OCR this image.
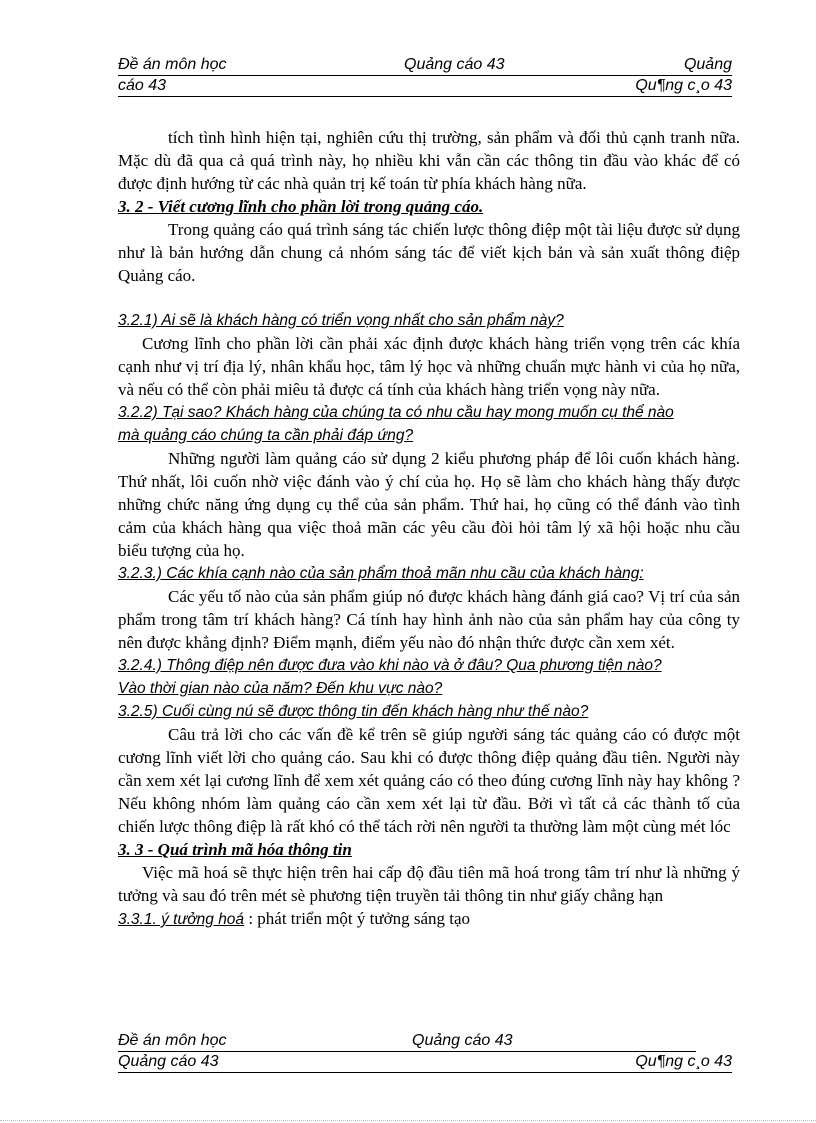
Đề án môn học	Quảng cáo 43	Quảng
cáo 43	Qu¶ng c¸o 43

tích tình hình hiện tại, nghiên cứu thị trường, sản phẩm và đối thủ cạnh tranh nữa. Mặc dù đã qua cả quá trình này, họ nhiều khi vẫn cần các thông tin đầu vào khác để có được định hướng từ các nhà quản trị kế toán từ phía khách hàng nữa.

3. 2 - Viết cương lĩnh cho phần lời trong quảng cáo.

Trong quảng cáo quá trình sáng tác chiến lược thông điệp một tài liệu được sử dụng như là bản hướng dẫn chung cả nhóm sáng tác để viết kịch bản và sản xuất thông điệp Quảng cáo.

3.2.1) Ai sẽ là khách hàng có triển vọng nhất cho sản phẩm này?

Cương lĩnh cho phần lời cần phải xác định được khách hàng triển vọng trên các khía cạnh như vị trí địa lý, nhân khẩu học, tâm lý học và những chuẩn mực hành vi của họ nữa, và nếu có thể còn phải miêu tả được cá tính của khách hàng triển vọng này nữa.

3.2.2) Tại sao? Khách hàng của chúng ta có nhu cầu hay mong muốn cụ thể nào

mà quảng cáo chúng ta cần phải đáp ứng?

Những người làm quảng cáo sử dụng 2 kiểu phương pháp để lôi cuốn khách hàng. Thứ nhất, lôi cuốn nhờ việc đánh vào ý chí của họ. Họ sẽ làm cho khách hàng thấy được những chức năng ứng dụng cụ thể của sản phẩm. Thứ hai, họ cũng có thể đánh vào tình cảm của khách hàng qua việc thoả mãn các yêu cầu đòi hỏi tâm lý xã hội hoặc nhu cầu biểu tượng của họ.

3.2.3.) Các khía cạnh nào của sản phẩm thoả mãn nhu cầu của khách hàng:

Các yếu tố nào của sản phẩm giúp nó được khách hàng đánh giá cao? Vị trí của sản phẩm trong tâm trí khách hàng? Cá tính hay hình ảnh nào của sản phẩm hay của công ty nên được khẳng định? Điểm mạnh, điểm yếu nào đó nhận thức được cần xem xét.

3.2.4.) Thông điệp nên được đưa vào khi nào và ở đâu? Qua phương tiện nào?

Vào thời gian nào của năm? Đến khu vực nào?

3.2.5) Cuối cùng nú sẽ được thông tin đến khách hàng như thế nào?

Câu trả lời cho các vấn đề kể trên sẽ giúp người sáng tác quảng cáo có được một cương lĩnh viết lời cho quảng cáo. Sau khi có được thông điệp quảng đầu tiên. Người này cần xem xét lại cương lĩnh để xem xét quảng cáo có theo đúng cương lĩnh này hay không ? Nếu không nhóm làm quảng cáo cần xem xét lại từ đầu. Bởi vì tất cả các thành tố của chiến lược thông điệp là rất khó có thể tách rời nên người ta thường làm một cùng mét lóc

3. 3 - Quá trình mã hóa thông tin

Việc mã hoá sẽ thực hiện trên hai cấp độ đầu tiên mã hoá trong tâm trí như là những ý tưởng và sau đó trên mét sè phương tiện truyền tải thông tin như giấy chẳng hạn

3.3.1. ý tưởng hoá : phát triển một ý tưởng sáng tạo

Đề án môn học	Quảng cáo 43
Quảng cáo 43	Qu¶ng c¸o 43
